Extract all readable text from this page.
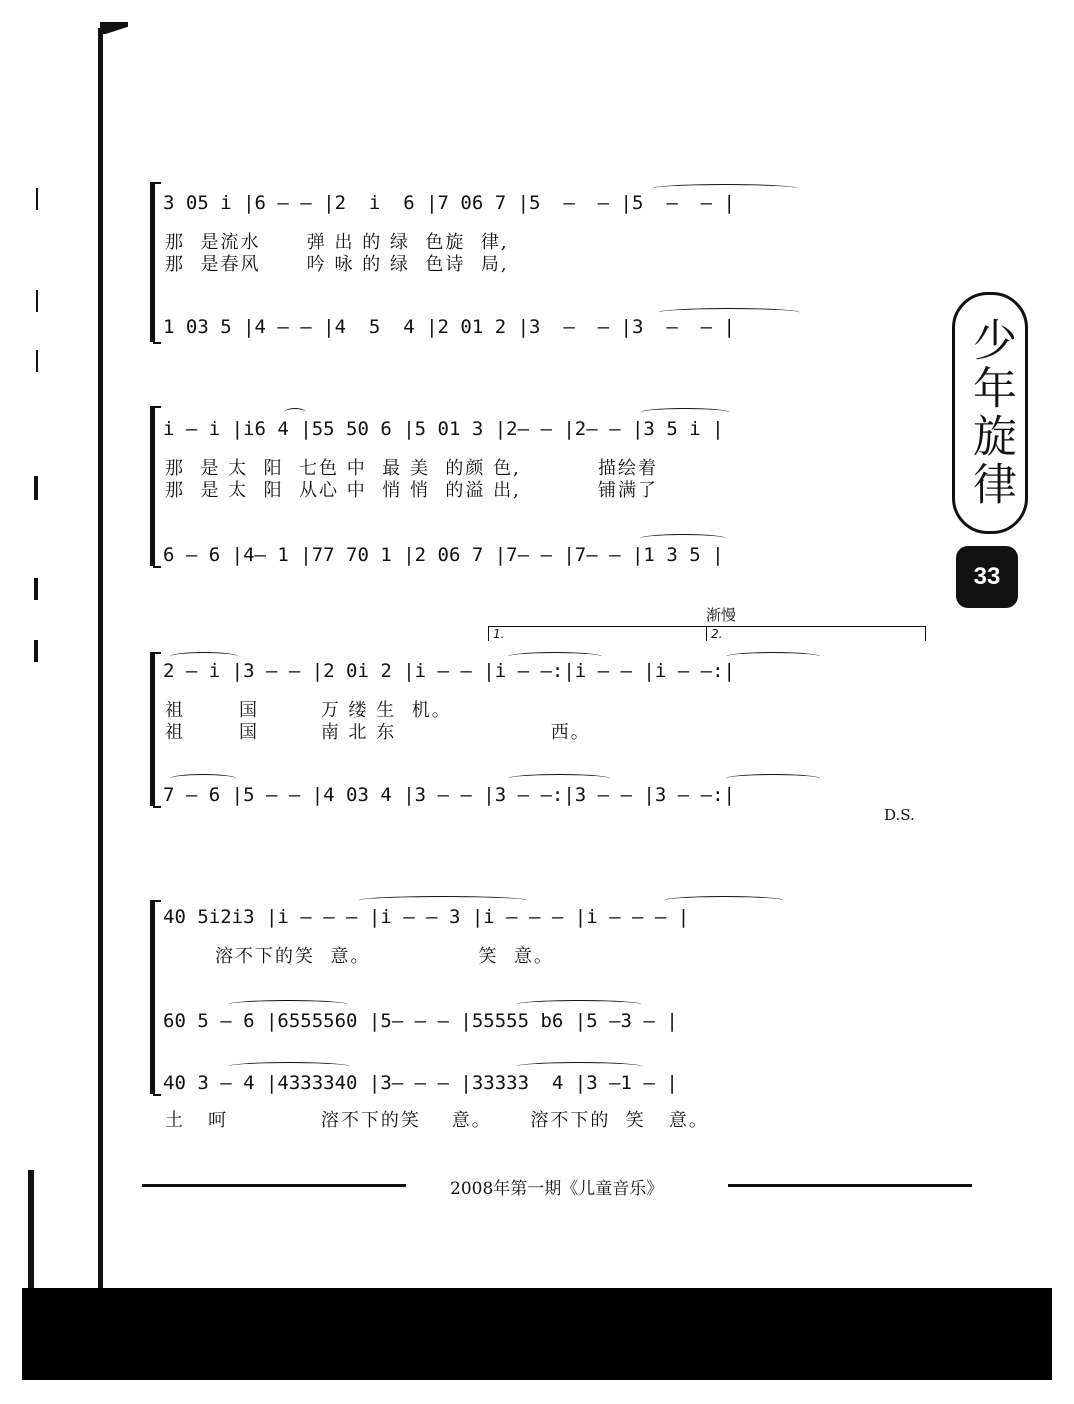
少年旋律
33
3 05 i |6 — — |2  i  6 |7 06 7 |5  —  — |5  —  — |
那  是流水      弹 出 的 绿  色旋  律,
那  是春风      吟 咏 的 绿  色诗  局,
1 03 5 |4 — — |4  5  4 |2 01 2 |3  —  — |3  —  — |
i — i |i6 4 |55 50 6 |5 01 3 |2— — |2— — |3 5 i |
那  是 太  阳  七色 中  最 美  的颜 色,          描绘着
那  是 太  阳  从心 中  悄 悄  的溢 出,          铺满了
6 — 6 |4— 1 |77 70 1 |2 06 7 |7— — |7— — |1 3 5 |
渐慢
1.	2.
2 — i |3 — — |2 0i 2 |i — — |i — —:|i — — |i — —:|
祖       国        万 缕 生  机。
祖       国        南 北 东                    西。
7 — 6 |5 — — |4 03 4 |3 — — |3 — —:|3 — — |3 — —:|
D.S.
40 5i2i3 |i — — — |i — — 3 |i — — — |i — — — |
溶不下的笑  意。              笑  意。
60 5 — 6 |6555560 |5— — — |55555 b6 |5 —3 — |
40 3 — 4 |4333340 |3— — — |33333  4 |3 —1 — |
土   呵            溶不下的笑    意。     溶不下的  笑   意。
2008年第一期《儿童音乐》
